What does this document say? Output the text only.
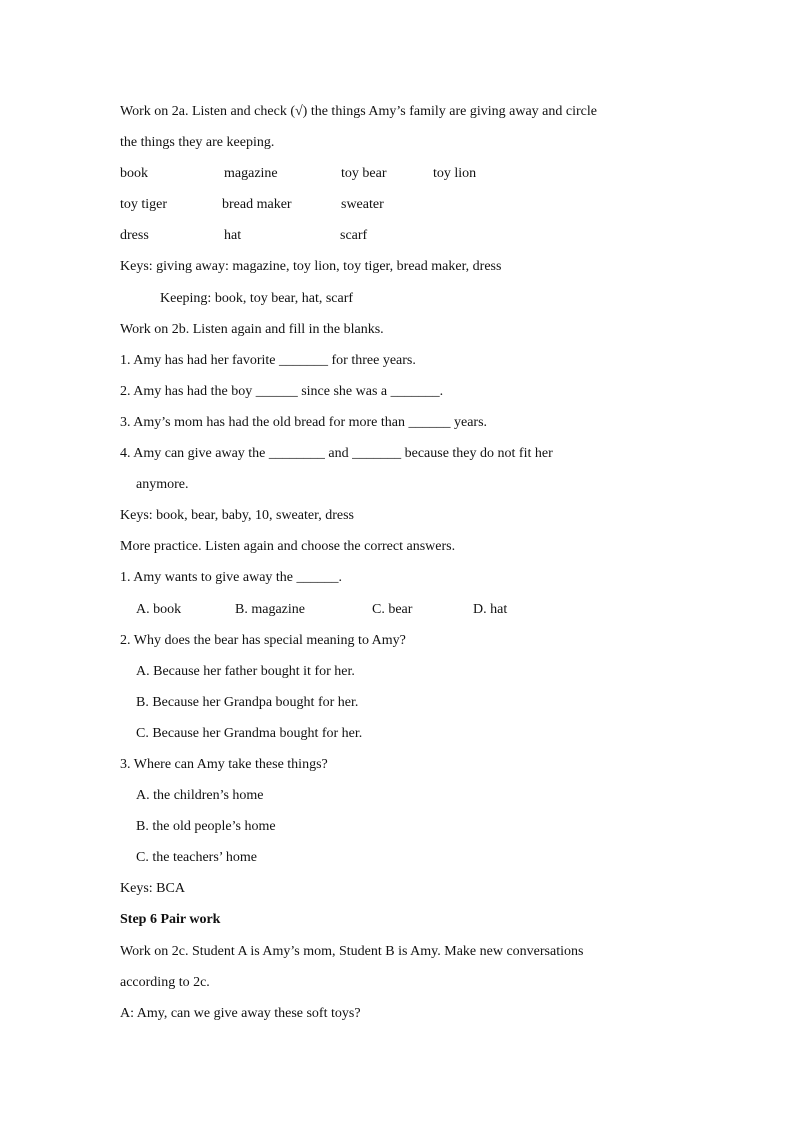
Work on 2a. Listen and check (√) the things Amy’s family are giving away and circle
the things they are keeping.
book	magazine	toy bear	toy lion
toy tiger	bread maker	sweater
dress	hat	scarf
Keys: giving away: magazine, toy lion, toy tiger, bread maker, dress
Keeping: book, toy bear, hat, scarf
Work on 2b. Listen again and fill in the blanks.
1. Amy has had her favorite _______ for three years.
2. Amy has had the boy ______ since she was a _______.
3. Amy’s mom has had the old bread for more than ______ years.
4. Amy can give away the ________ and _______ because they do not fit her
anymore.
Keys: book, bear, baby, 10, sweater, dress
More practice. Listen again and choose the correct answers.
1. Amy wants to give away the ______.
A. book	B. magazine	C. bear	D. hat
2. Why does the bear has special meaning to Amy?
A. Because her father bought it for her.
B. Because her Grandpa bought for her.
C. Because her Grandma bought for her.
3. Where can Amy take these things?
A. the children’s home
B. the old people’s home
C. the teachers’ home
Keys: BCA
Step 6 Pair work
Work on 2c. Student A is Amy’s mom, Student B is Amy. Make new conversations
according to 2c.
A: Amy, can we give away these soft toys?
